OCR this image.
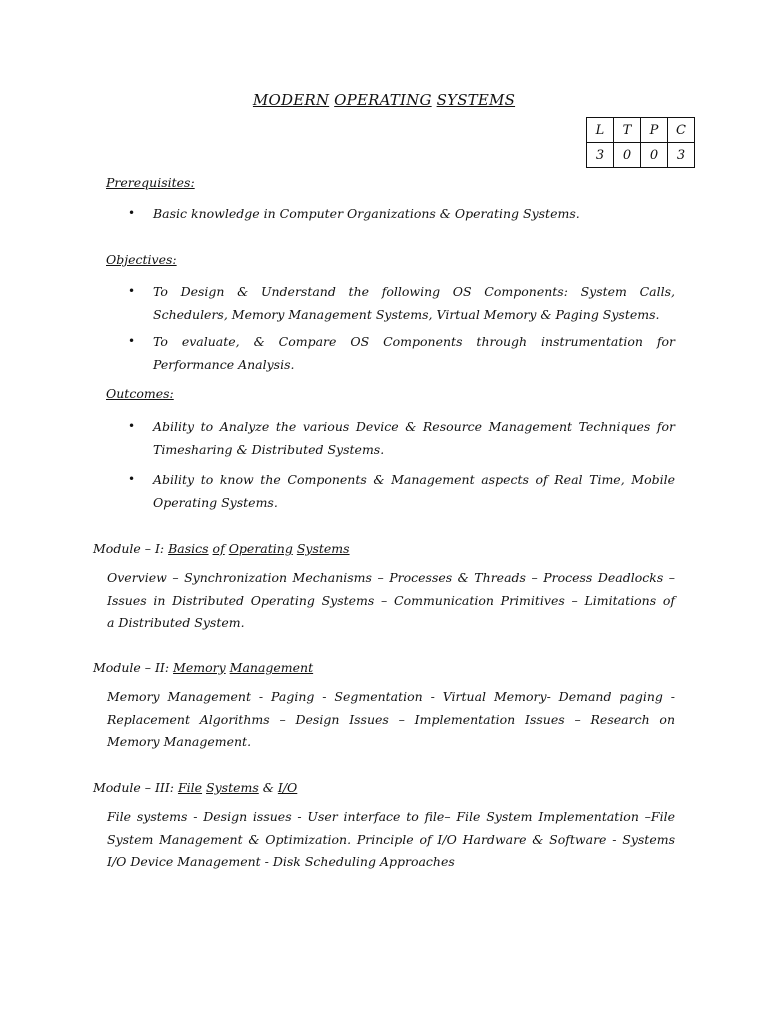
MODERN OPERATING SYSTEMS
L	T	P	C
3	0	0	3
Prerequisites:
• Basic knowledge in Computer Organizations & Operating Systems.
Objectives:
• To Design & Understand the following OS Components: System Calls,
Schedulers, Memory Management Systems, Virtual Memory & Paging Systems.
• To evaluate, & Compare OS Components through instrumentation for
Performance Analysis.
Outcomes:
• Ability to Analyze the various Device & Resource Management Techniques for
Timesharing & Distributed Systems.
• Ability to know the Components & Management aspects of Real Time, Mobile
Operating Systems.
Module – I: Basics of Operating Systems
Overview – Synchronization Mechanisms – Processes & Threads – Process Deadlocks –
Issues in Distributed Operating Systems – Communication Primitives – Limitations of
a Distributed System.
Module – II: Memory Management
Memory Management - Paging - Segmentation - Virtual Memory- Demand paging -
Replacement Algorithms – Design Issues – Implementation Issues – Research on
Memory Management.
Module – III: File Systems & I/O
File systems - Design issues - User interface to file– File System Implementation –File
System Management & Optimization. Principle of I/O Hardware & Software - Systems
I/O Device Management - Disk Scheduling Approaches
